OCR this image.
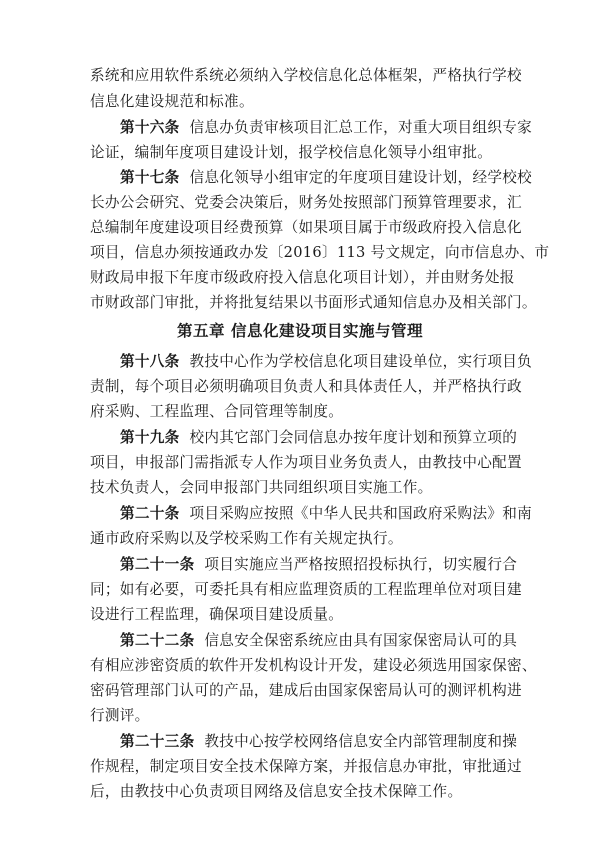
系统和应用软件系统必须纳入学校信息化总体框架，严格执行学校
信息化建设规范和标准。
第十六条 信息办负责审核项目汇总工作，对重大项目组织专家
论证，编制年度项目建设计划，报学校信息化领导小组审批。
第十七条 信息化领导小组审定的年度项目建设计划，经学校校
长办公会研究、党委会决策后，财务处按照部门预算管理要求，汇
总编制年度建设项目经费预算（如果项目属于市级政府投入信息化
项目，信息办须按通政办发〔2016〕113 号文规定，向市信息办、市
财政局申报下年度市级政府投入信息化项目计划），并由财务处报
市财政部门审批，并将批复结果以书面形式通知信息办及相关部门。
第五章 信息化建设项目实施与管理
第十八条 教技中心作为学校信息化项目建设单位，实行项目负
责制，每个项目必须明确项目负责人和具体责任人，并严格执行政
府采购、工程监理、合同管理等制度。
第十九条 校内其它部门会同信息办按年度计划和预算立项的
项目，申报部门需指派专人作为项目业务负责人，由教技中心配置
技术负责人，会同申报部门共同组织项目实施工作。
第二十条 项目采购应按照《中华人民共和国政府采购法》和南
通市政府采购以及学校采购工作有关规定执行。
第二十一条 项目实施应当严格按照招投标执行，切实履行合
同；如有必要，可委托具有相应监理资质的工程监理单位对项目建
设进行工程监理，确保项目建设质量。
第二十二条 信息安全保密系统应由具有国家保密局认可的具
有相应涉密资质的软件开发机构设计开发，建设必须选用国家保密、
密码管理部门认可的产品，建成后由国家保密局认可的测评机构进
行测评。
第二十三条 教技中心按学校网络信息安全内部管理制度和操
作规程，制定项目安全技术保障方案，并报信息办审批，审批通过
后，由教技中心负责项目网络及信息安全技术保障工作。
